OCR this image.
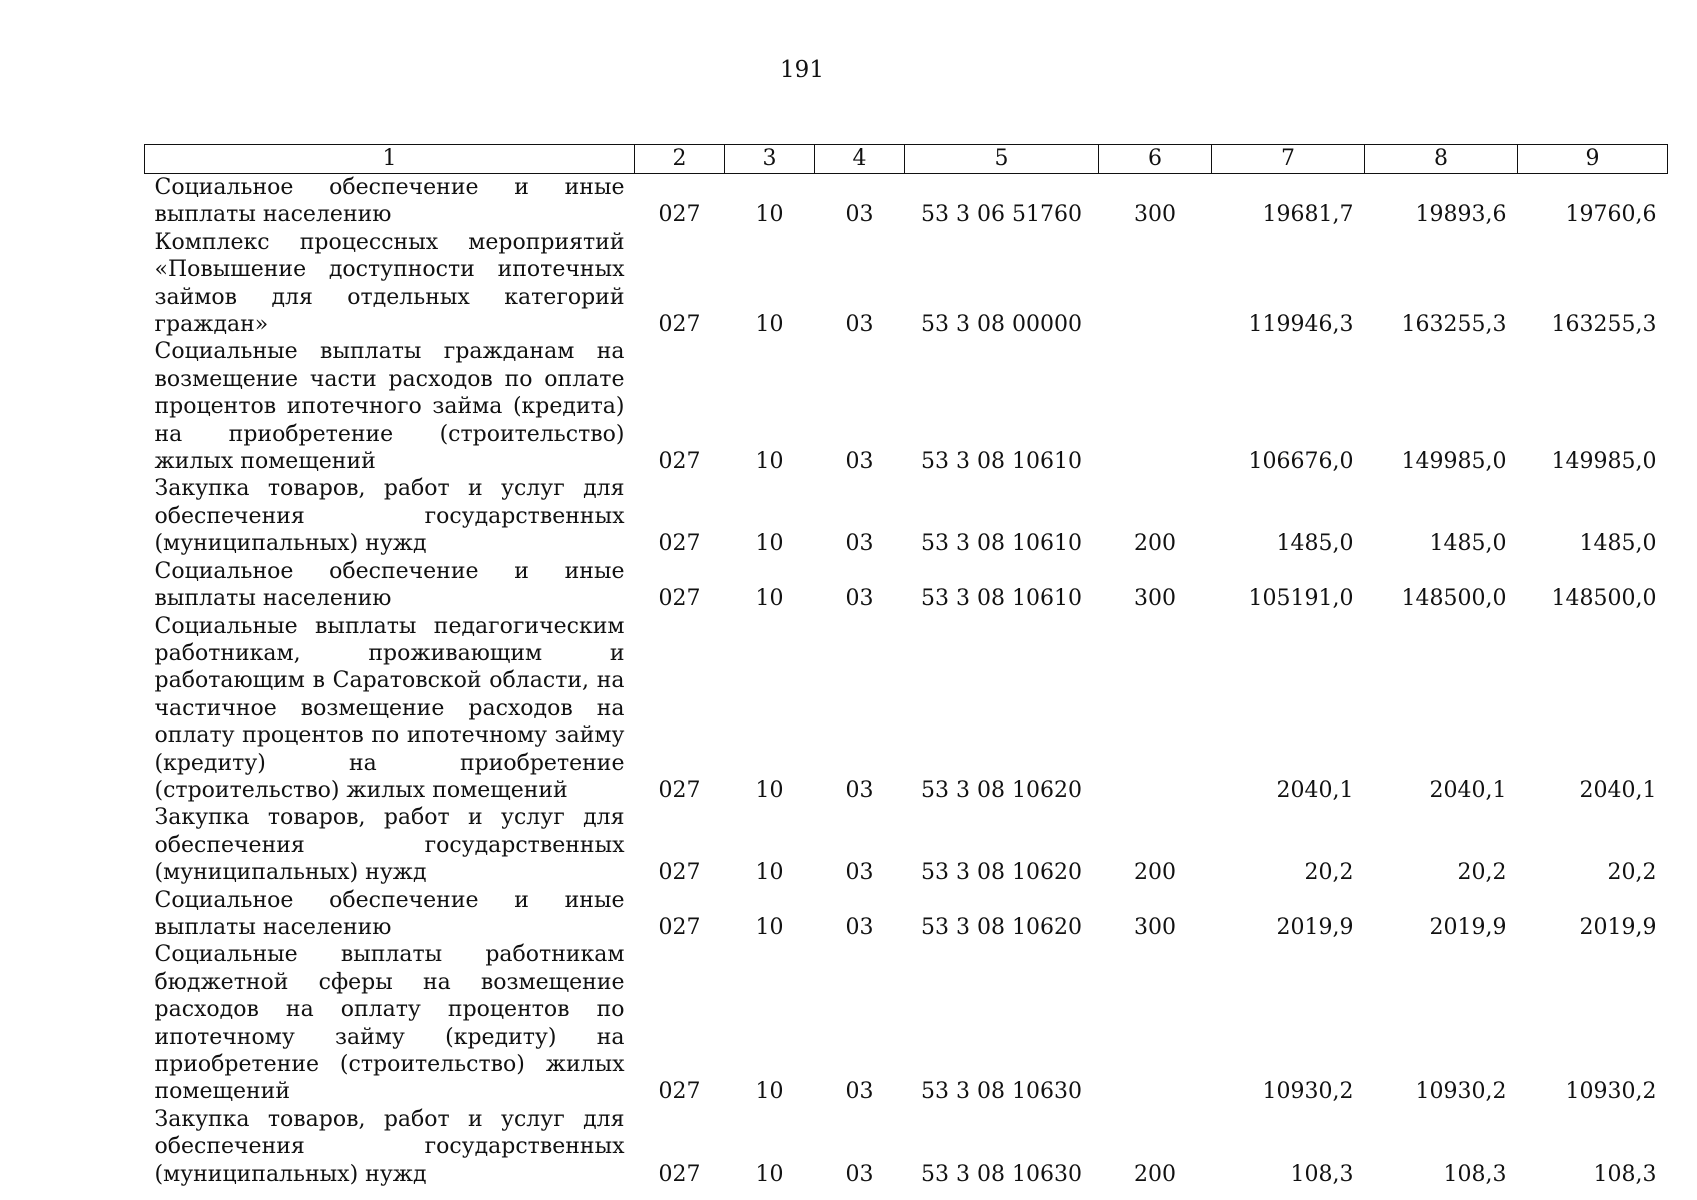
191
1	2	3	4	5	6	7	8	9
Социальное обеспечение и иные выплаты населению	027	10	03	53 3 06 51760	300	19681,7	19893,6	19760,6
Комплекс процессных мероприятий «Повышение доступности ипотечных займов для отдельных категорий граждан»	027	10	03	53 3 08 00000		119946,3	163255,3	163255,3
Социальные выплаты гражданам на возмещение части расходов по оплате процентов ипотечного займа (кредита) на приобретение (строительство) жилых помещений	027	10	03	53 3 08 10610		106676,0	149985,0	149985,0
Закупка товаров, работ и услуг для обеспечения государственных (муниципальных) нужд	027	10	03	53 3 08 10610	200	1485,0	1485,0	1485,0
Социальное обеспечение и иные выплаты населению	027	10	03	53 3 08 10610	300	105191,0	148500,0	148500,0
Социальные выплаты педагогическим работникам, проживающим и работающим в Саратовской области, на частичное возмещение расходов на оплату процентов по ипотечному займу (кредиту) на приобретение (строительство) жилых помещений	027	10	03	53 3 08 10620		2040,1	2040,1	2040,1
Закупка товаров, работ и услуг для обеспечения государственных (муниципальных) нужд	027	10	03	53 3 08 10620	200	20,2	20,2	20,2
Социальное обеспечение и иные выплаты населению	027	10	03	53 3 08 10620	300	2019,9	2019,9	2019,9
Социальные выплаты работникам бюджетной сферы на возмещение расходов на оплату процентов по ипотечному займу (кредиту) на приобретение (строительство) жилых помещений	027	10	03	53 3 08 10630		10930,2	10930,2	10930,2
Закупка товаров, работ и услуг для обеспечения государственных (муниципальных) нужд	027	10	03	53 3 08 10630	200	108,3	108,3	108,3
